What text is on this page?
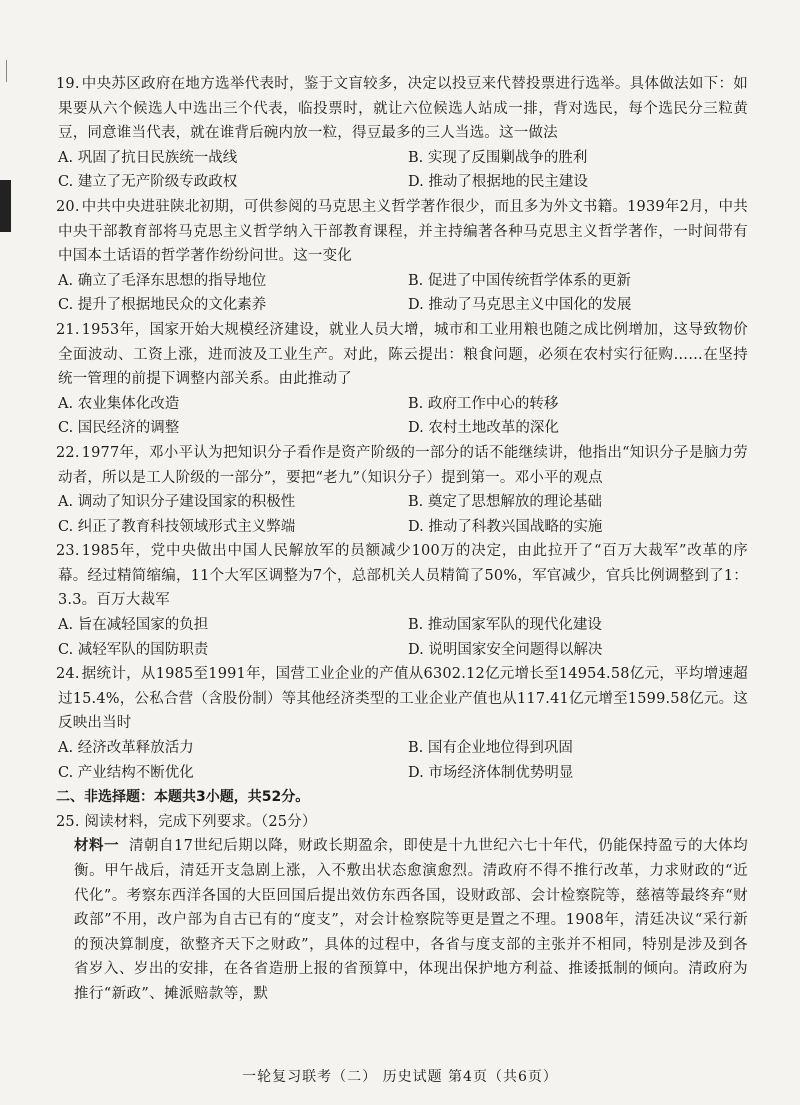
19. 中央苏区政府在地方选举代表时，鉴于文盲较多，决定以投豆来代替投票进行选举。具体做法如下：如果要从六个候选人中选出三个代表，临投票时，就让六位候选人站成一排，背对选民，每个选民分三粒黄豆，同意谁当代表，就在谁背后碗内放一粒，得豆最多的三人当选。这一做法
A. 巩固了抗日民族统一战线	B. 实现了反围剿战争的胜利
C. 建立了无产阶级专政政权	D. 推动了根据地的民主建设
20. 中共中央进驻陕北初期，可供参阅的马克思主义哲学著作很少，而且多为外文书籍。1939年2月，中共中央干部教育部将马克思主义哲学纳入干部教育课程，并主持编著各种马克思主义哲学著作，一时间带有中国本土话语的哲学著作纷纷问世。这一变化
A. 确立了毛泽东思想的指导地位	B. 促进了中国传统哲学体系的更新
C. 提升了根据地民众的文化素养	D. 推动了马克思主义中国化的发展
21. 1953年，国家开始大规模经济建设，就业人员大增，城市和工业用粮也随之成比例增加，这导致物价全面波动、工资上涨，进而波及工业生产。对此，陈云提出：粮食问题，必须在农村实行征购……在坚持统一管理的前提下调整内部关系。由此推动了
A. 农业集体化改造	B. 政府工作中心的转移
C. 国民经济的调整	D. 农村土地改革的深化
22. 1977年，邓小平认为把知识分子看作是资产阶级的一部分的话不能继续讲，他指出“知识分子是脑力劳动者，所以是工人阶级的一部分”，要把“老九”（知识分子）提到第一。邓小平的观点
A. 调动了知识分子建设国家的积极性	B. 奠定了思想解放的理论基础
C. 纠正了教育科技领域形式主义弊端	D. 推动了科教兴国战略的实施
23. 1985年，党中央做出中国人民解放军的员额减少100万的决定，由此拉开了“百万大裁军”改革的序幕。经过精简缩编，11个大军区调整为7个，总部机关人员精简了50%，军官减少，官兵比例调整到了1：3.3。百万大裁军
A. 旨在减轻国家的负担	B. 推动国家军队的现代化建设
C. 减轻军队的国防职责	D. 说明国家安全问题得以解决
24. 据统计，从1985至1991年，国营工业企业的产值从6302.12亿元增长至14954.58亿元，平均增速超过15.4%，公私合营（含股份制）等其他经济类型的工业企业产值也从117.41亿元增至1599.58亿元。这反映出当时
A. 经济改革释放活力	B. 国有企业地位得到巩固
C. 产业结构不断优化	D. 市场经济体制优势明显
二、非选择题：本题共3小题，共52分。
25. 阅读材料，完成下列要求。（25分）
材料一 清朝自17世纪后期以降，财政长期盈余，即使是十九世纪六七十年代，仍能保持盈亏的大体均衡。甲午战后，清廷开支急剧上涨，入不敷出状态愈演愈烈。清政府不得不推行改革，力求财政的“近代化”。考察东西洋各国的大臣回国后提出效仿东西各国，设财政部、会计检察院等，慈禧等最终弃“财政部”不用，改户部为自古已有的“度支”，对会计检察院等更是置之不理。1908年，清廷决议“采行新的预决算制度，欲整齐天下之财政”，具体的过程中，各省与度支部的主张并不相同，特别是涉及到各省岁入、岁出的安排，在各省造册上报的省预算中，体现出保护地方利益、推诿抵制的倾向。清政府为推行“新政”、摊派赔款等，默
一轮复习联考（二） 历史试题 第4页（共6页）
